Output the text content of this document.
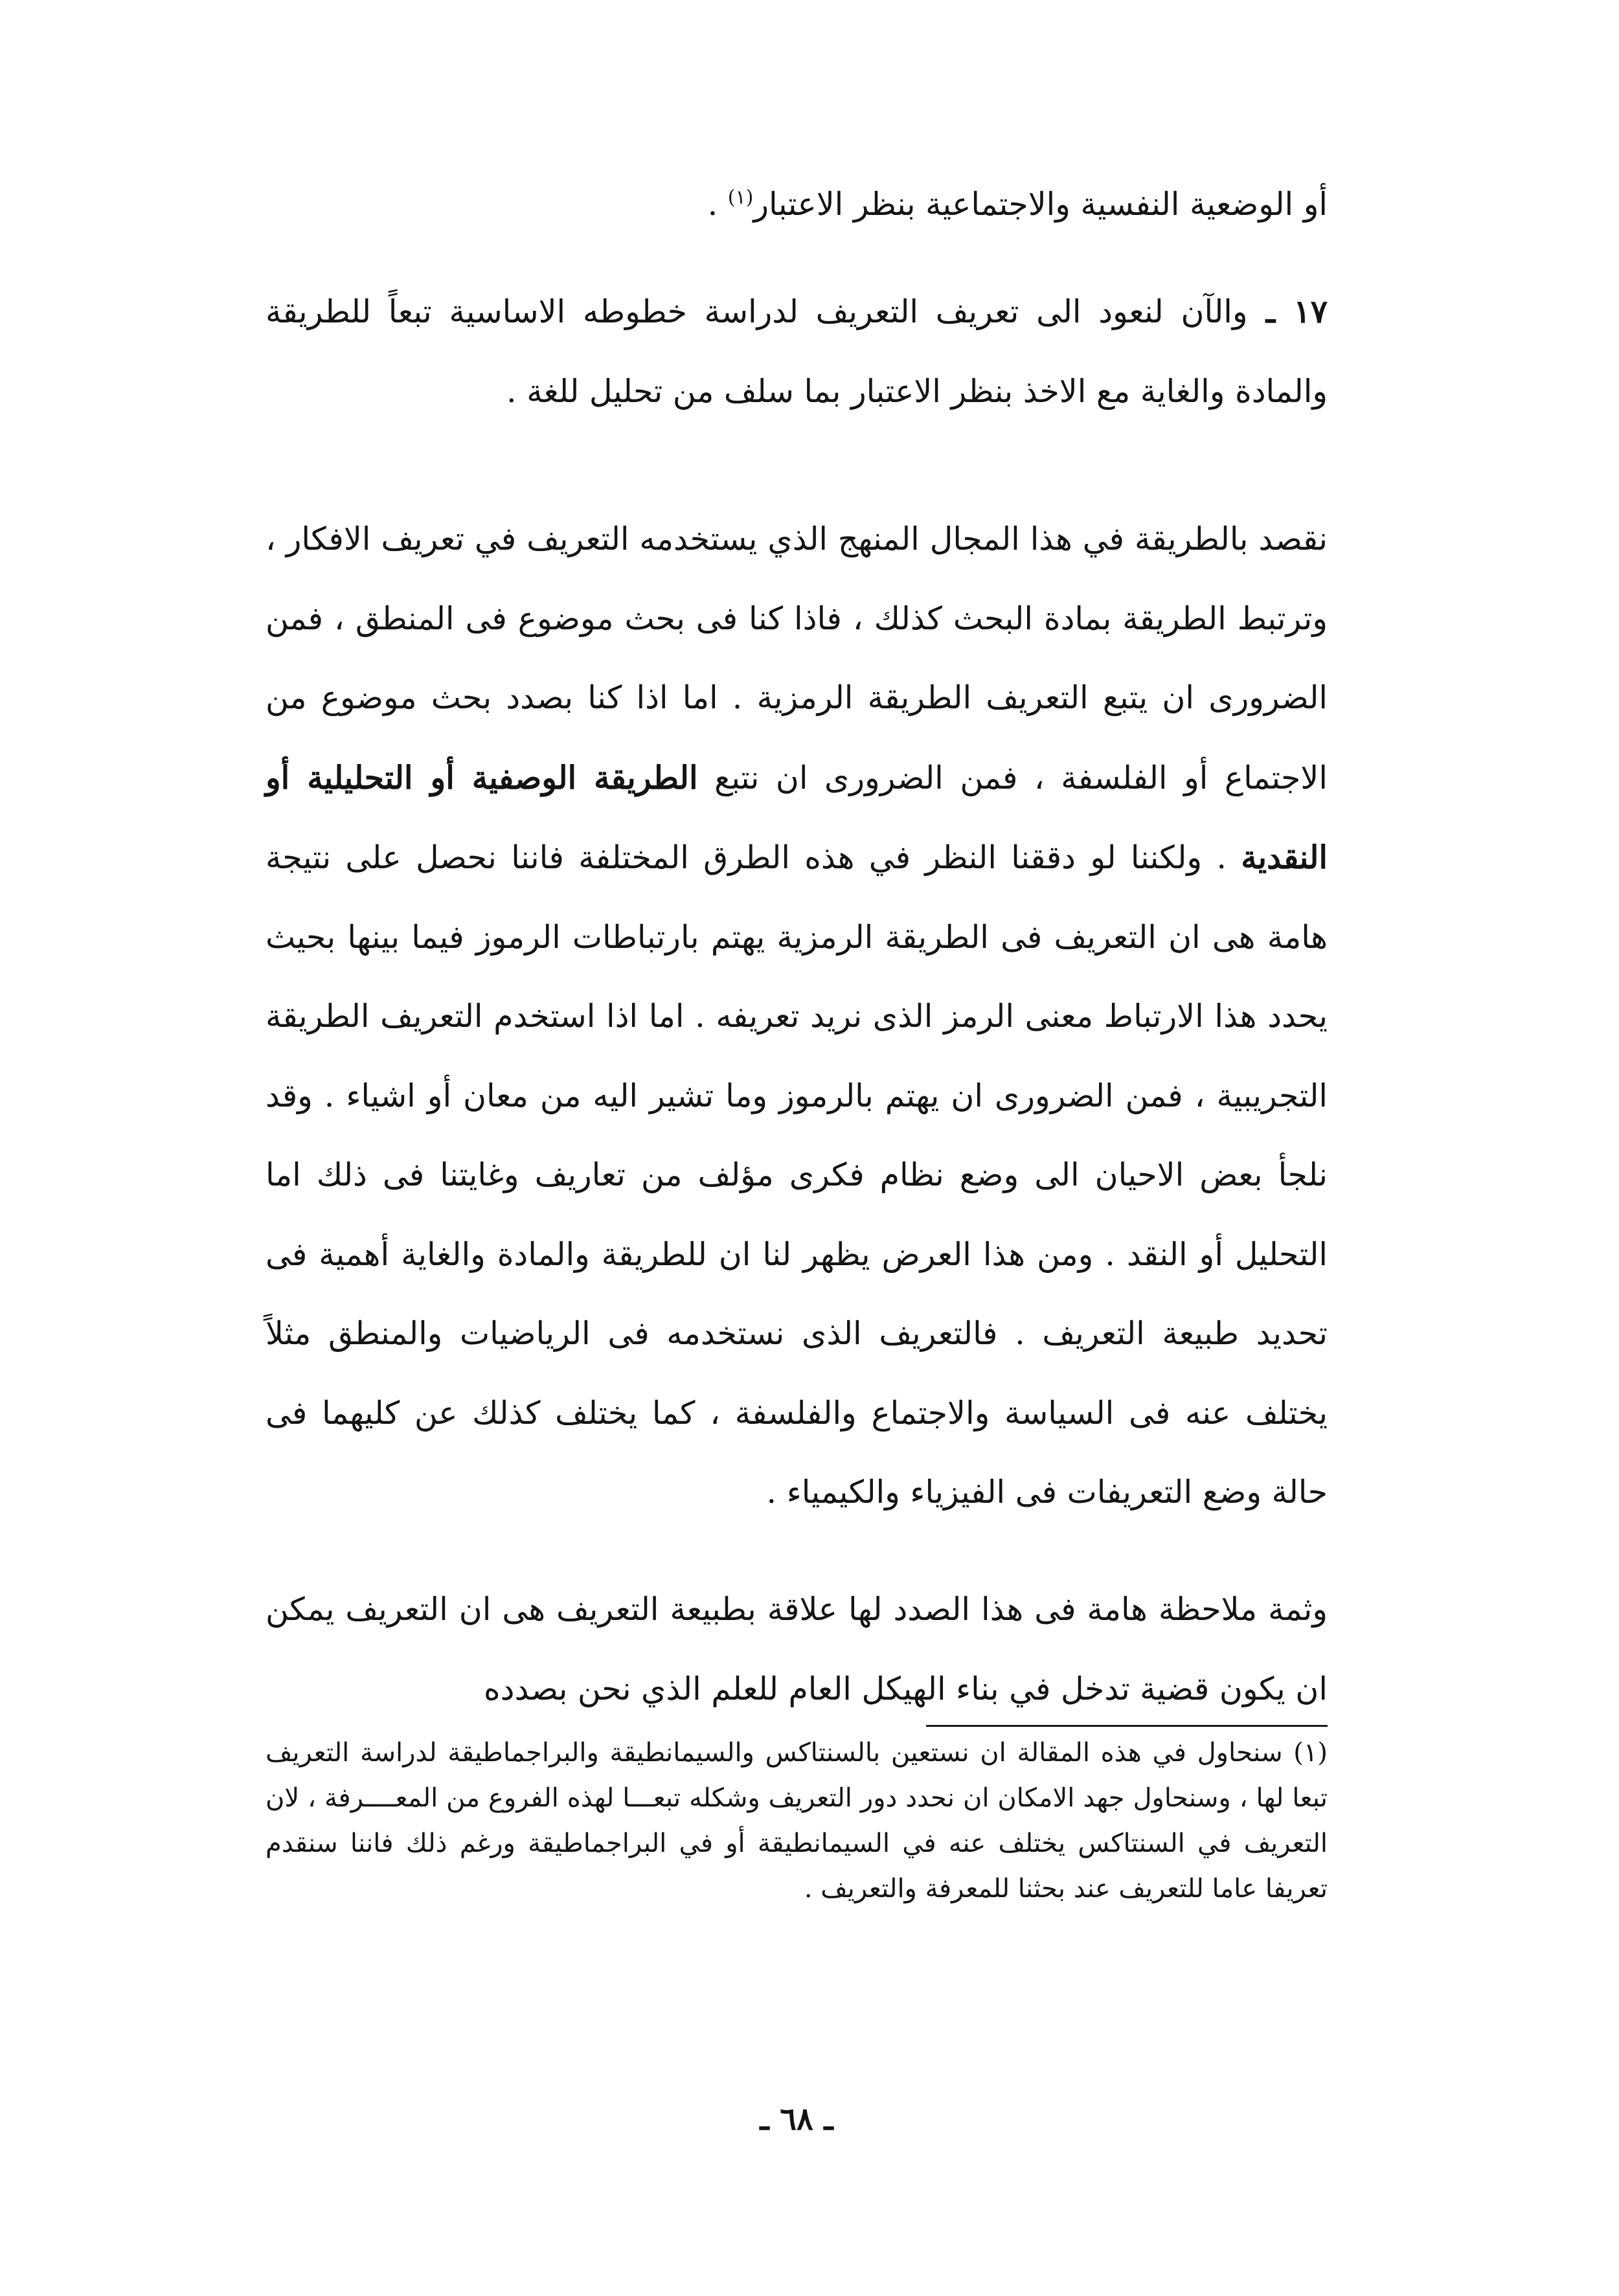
أو الوضعية النفسية والاجتماعية بنظر الاعتبار$^{(١)}$ .

١٧ ـ والآن لنعود الى تعريف التعريف لدراسة خطوطه الاساسية تبعاً للطريقة والمادة والغاية مع الاخذ بنظر الاعتبار بما سلف من تحليل للغة .

نقصد بالطريقة في هذا المجال المنهج الذي يستخدمه التعريف في تعريف الافكار ، وترتبط الطريقة بمادة البحث كذلك ، فاذا كنا فى بحث موضوع فى المنطق ، فمن الضرورى ان يتبع التعريف الطريقة الرمزية . اما اذا كنا بصدد بحث موضوع من الاجتماع أو الفلسفة ، فمن الضرورى ان نتبع الطريقة الوصفية أو التحليلية أو النقدية . ولكننا لو دققنا النظر في هذه الطرق المختلفة فاننا نحصل على نتيجة هامة هى ان التعريف فى الطريقة الرمزية يهتم بارتباطات الرموز فيما بينها بحيث يحدد هذا الارتباط معنى الرمز الذى نريد تعريفه . اما اذا استخدم التعريف الطريقة التجريبية ، فمن الضرورى ان يهتم بالرموز وما تشير اليه من معان أو اشياء . وقد نلجأ بعض الاحيان الى وضع نظام فكرى مؤلف من تعاريف وغايتنا فى ذلك اما التحليل أو النقد . ومن هذا العرض يظهر لنا ان للطريقة والمادة والغاية أهمية فى تحديد طبيعة التعريف . فالتعريف الذى نستخدمه فى الرياضيات والمنطق مثلاً يختلف عنه فى السياسة والاجتماع والفلسفة ، كما يختلف كذلك عن كليهما فى حالة وضع التعريفات فى الفيزياء والكيمياء .

وثمة ملاحظة هامة فى هذا الصدد لها علاقة بطبيعة التعريف هى ان التعريف يمكن ان يكون قضية تدخل في بناء الهيكل العام للعلم الذي نحن بصدده

(١) سنحاول في هذه المقالة ان نستعين بالسنتاكس والسيمانطيقة والبراجماطيقة لدراسة التعريف تبعا لها ، وسنحاول جهد الامكان ان نحدد دور التعريف وشكله تبعـــا لهذه الفروع من المعــــرفة ، لان التعريف في السنتاكس يختلف عنه في السيمانطيقة أو في البراجماطيقة ورغم ذلك فاننا سنقدم تعريفا عاما للتعريف عند بحثنا للمعرفة والتعريف .

ـ ٦٨ ـ
